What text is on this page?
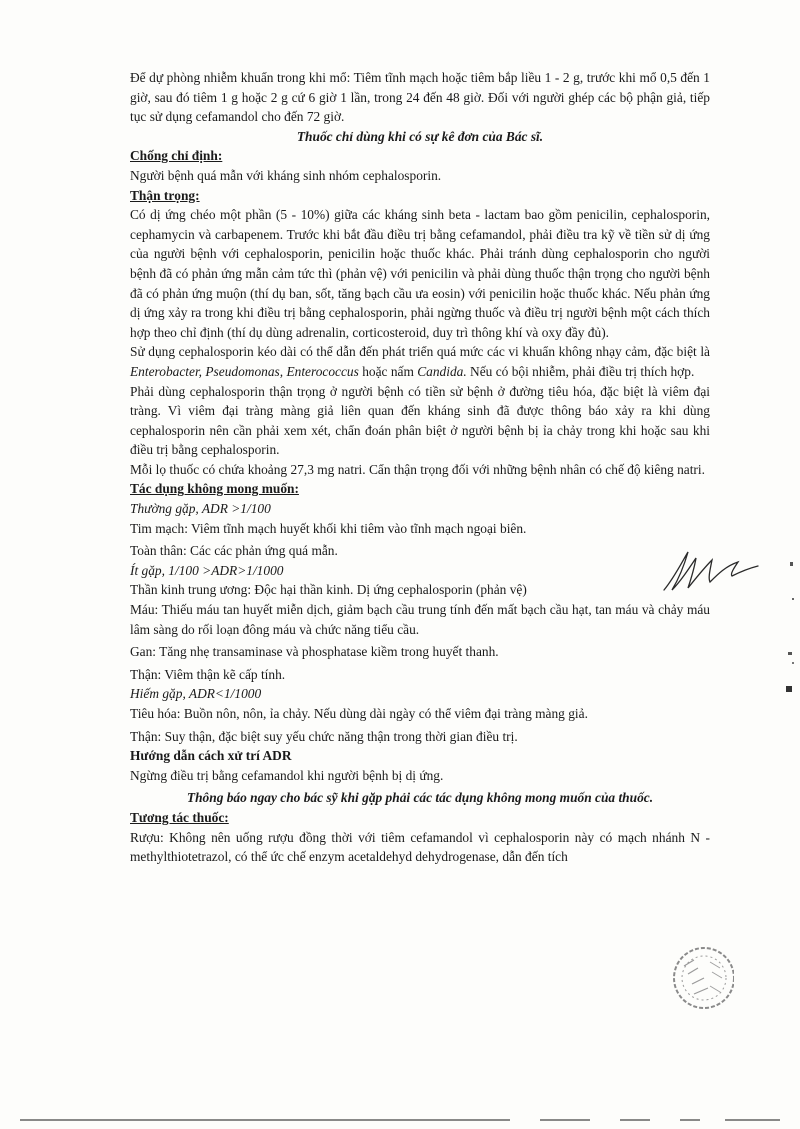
Để dự phòng nhiễm khuẩn trong khi mổ: Tiêm tĩnh mạch hoặc tiêm bắp liều 1 - 2 g, trước khi mổ 0,5 đến 1 giờ, sau đó tiêm 1 g hoặc 2 g cứ 6 giờ 1 lần, trong 24 đến 48 giờ. Đối với người ghép các bộ phận giả, tiếp tục sử dụng cefamandol cho đến 72 giờ.

Thuốc chỉ dùng khi có sự kê đơn của Bác sĩ.

Chống chỉ định:

Người bệnh quá mẫn với kháng sinh nhóm cephalosporin.

Thận trọng:

Có dị ứng chéo một phần (5 - 10%) giữa các kháng sinh beta - lactam bao gồm penicilin, cephalosporin, cephamycin và carbapenem. Trước khi bắt đầu điều trị bằng cefamandol, phải điều tra kỹ về tiền sử dị ứng của người bệnh với cephalosporin, penicilin hoặc thuốc khác. Phải tránh dùng cephalosporin cho người bệnh đã có phản ứng mẫn cảm tức thì (phản vệ) với penicilin và phải dùng thuốc thận trọng cho người bệnh đã có phản ứng muộn (thí dụ ban, sốt, tăng bạch cầu ưa eosin) với penicilin hoặc thuốc khác. Nếu phản ứng dị ứng xảy ra trong khi điều trị bằng cephalosporin, phải ngừng thuốc và điều trị người bệnh một cách thích hợp theo chỉ định (thí dụ dùng adrenalin, corticosteroid, duy trì thông khí và oxy đầy đủ).

Sử dụng cephalosporin kéo dài có thể dẫn đến phát triển quá mức các vi khuẩn không nhạy cảm, đặc biệt là Enterobacter, Pseudomonas, Enterococcus hoặc nấm Candida. Nếu có bội nhiễm, phải điều trị thích hợp.

Phải dùng cephalosporin thận trọng ở người bệnh có tiền sử bệnh ở đường tiêu hóa, đặc biệt là viêm đại tràng. Vì viêm đại tràng màng giả liên quan đến kháng sinh đã được thông báo xảy ra khi dùng cephalosporin nên cần phải xem xét, chẩn đoán phân biệt ở người bệnh bị ỉa chảy trong khi hoặc sau khi điều trị bằng cephalosporin.

Mỗi lọ thuốc có chứa khoảng 27,3 mg natri. Cẩn thận trọng đối với những bệnh nhân có chế độ kiêng natri.

Tác dụng không mong muốn:

Thường gặp, ADR >1/100

Tim mạch: Viêm tĩnh mạch huyết khối khi tiêm vào tĩnh mạch ngoại biên.

Toàn thân: Các các phản ứng quá mẫn.

Ít gặp, 1/100 >ADR>1/1000

Thần kinh trung ương: Độc hại thần kinh. Dị ứng cephalosporin (phản vệ)

Máu: Thiếu máu tan huyết miễn dịch, giảm bạch cầu trung tính đến mất bạch cầu hạt, tan máu và chảy máu lâm sàng do rối loạn đông máu và chức năng tiểu cầu.

Gan: Tăng nhẹ transaminase và phosphatase kiềm trong huyết thanh.

Thận: Viêm thận kẽ cấp tính.

Hiếm gặp, ADR<1/1000

Tiêu hóa: Buồn nôn, nôn, ỉa chảy. Nếu dùng dài ngày có thể viêm đại tràng màng giả.

Thận: Suy thận, đặc biệt suy yếu chức năng thận trong thời gian điều trị.

Hướng dẫn cách xử trí ADR

Ngừng điều trị bằng cefamandol khi người bệnh bị dị ứng.

Thông báo ngay cho bác sỹ khi gặp phải các tác dụng không mong muốn của thuốc.

Tương tác thuốc:

Rượu: Không nên uống rượu đồng thời với tiêm cefamandol vì cephalosporin này có mạch nhánh N - methylthiotetrazol, có thể ức chế enzym acetaldehyd dehydrogenase, dẫn đến tích
